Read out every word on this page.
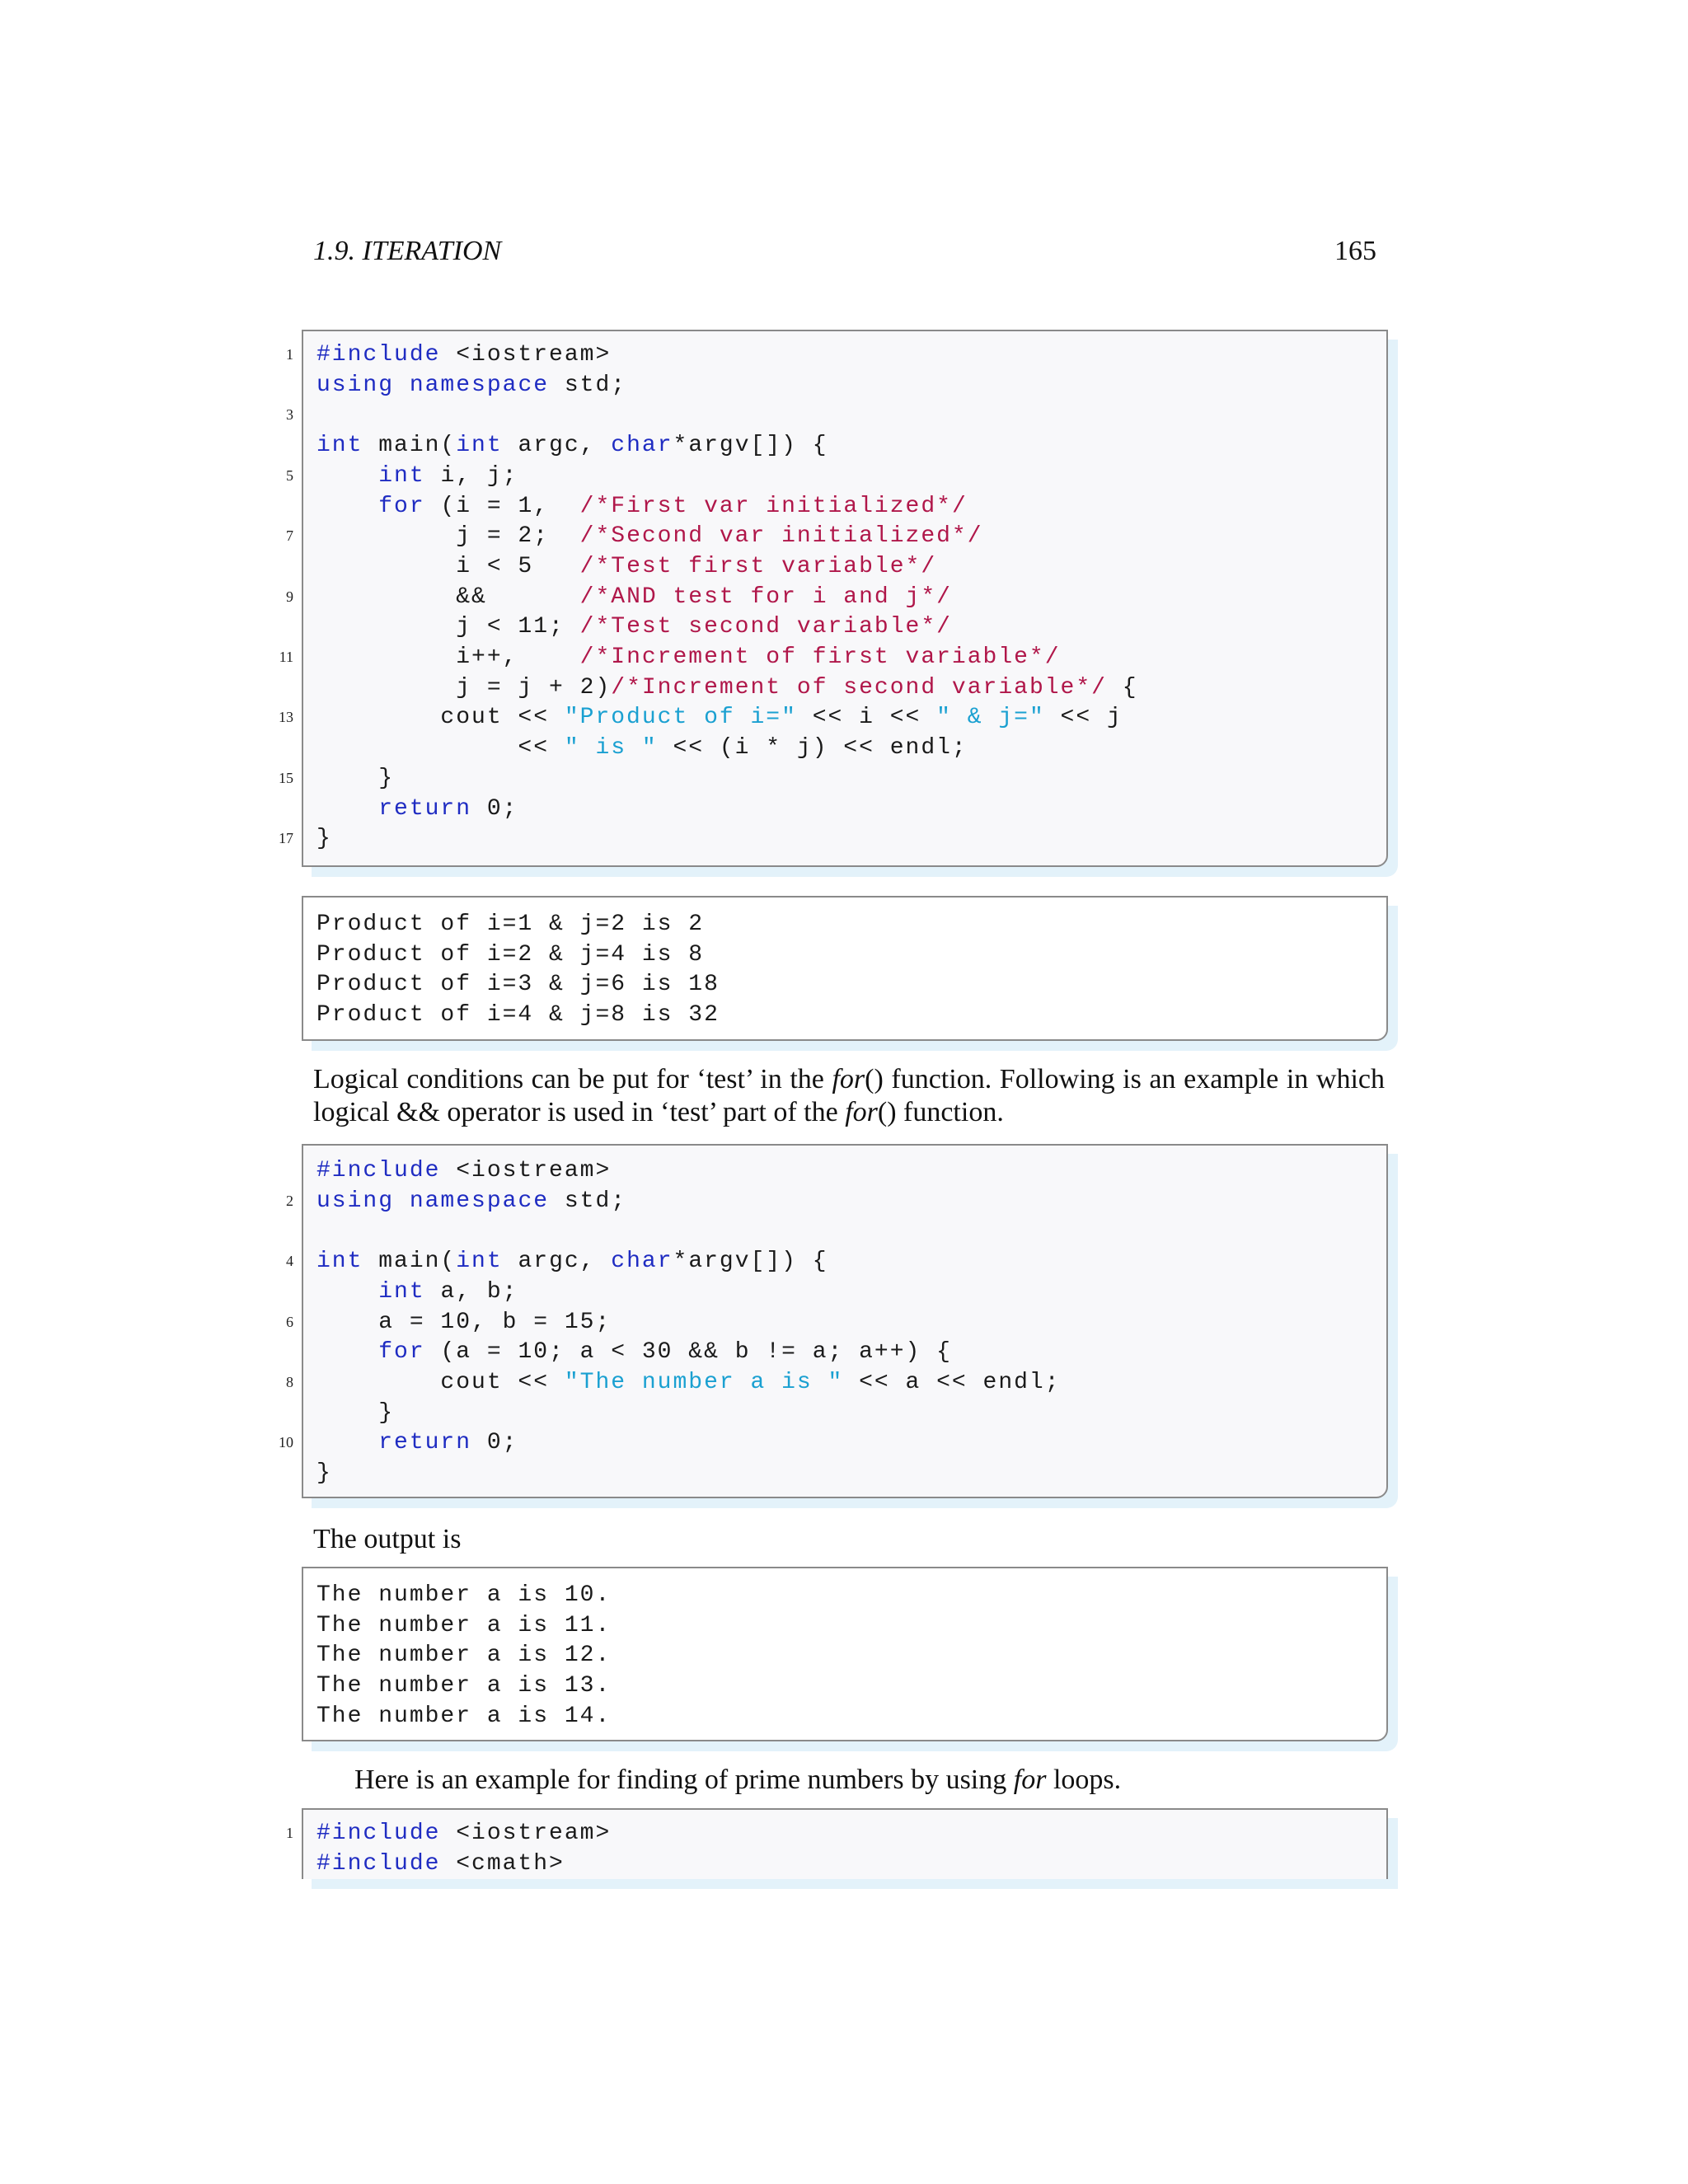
1.9. ITERATION	165
#include <iostream>
using namespace std;
int main(int argc, char*argv[]) {
int i, j;
for (i = 1,  /*First var initialized*/
j = 2;  /*Second var initialized*/
i < 5   /*Test first variable*/
&&      /*AND test for i and j*/
j < 11; /*Test second variable*/
i++,    /*Increment of first variable*/
j = j + 2)/*Increment of second variable*/ {
cout << "Product of i=" << i << " & j=" << j
<< " is " << (i * j) << endl;
}
return 0;
}
Product of i=1 & j=2 is 2
Product of i=2 & j=4 is 8
Product of i=3 & j=6 is 18
Product of i=4 & j=8 is 32
Logical conditions can be put for ‘test’ in the for() function. Following is an example in which logical && operator is used in ‘test’ part of the for() function.
#include <iostream>
using namespace std;
int main(int argc, char*argv[]) {
int a, b;
a = 10, b = 15;
for (a = 10; a < 30 && b != a; a++) {
cout << "The number a is " << a << endl;
}
return 0;
}
The output is
The number a is 10.
The number a is 11.
The number a is 12.
The number a is 13.
The number a is 14.
Here is an example for finding of prime numbers by using for loops.
#include <iostream>
#include <cmath>
1
3
5
7
9
11
13
15
17
2
4
6
8
10
1
